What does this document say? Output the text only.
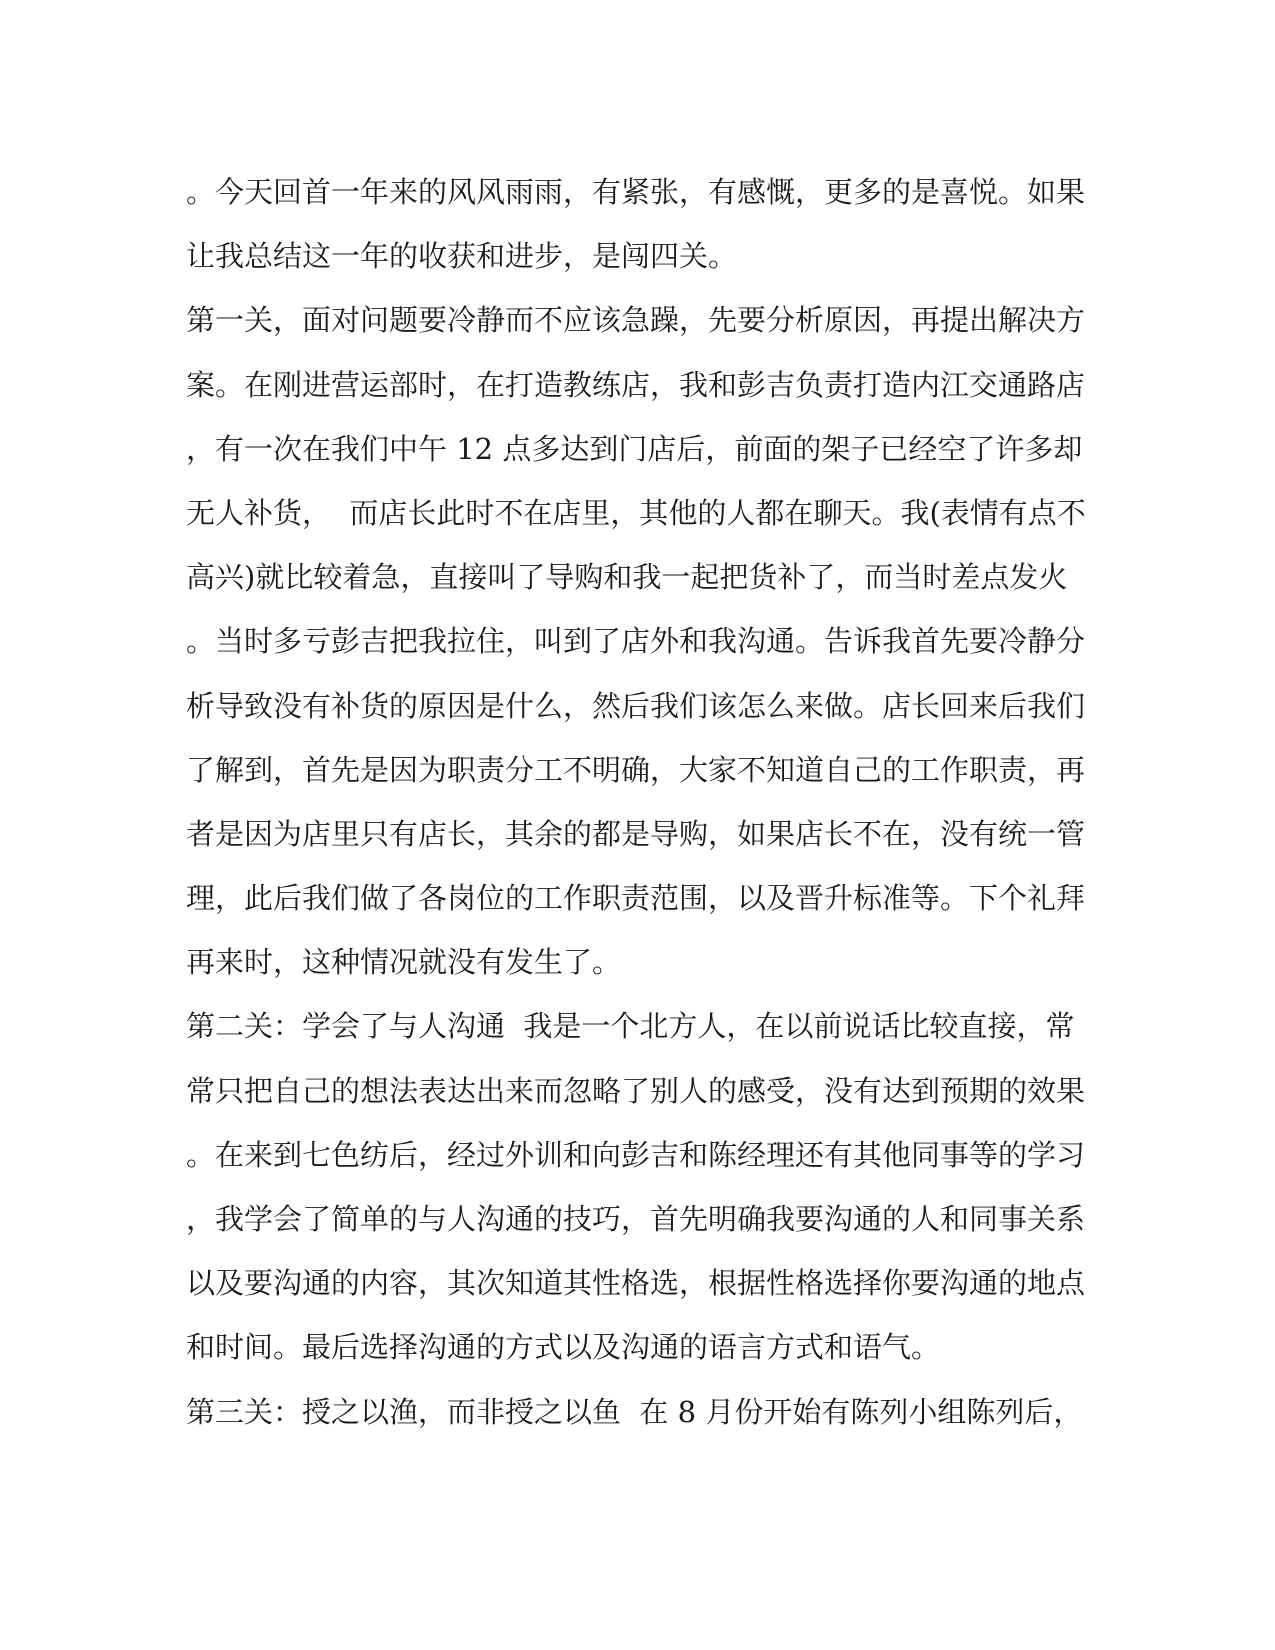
。今天回首一年来的风风雨雨，有紧张，有感慨，更多的是喜悦。如果
让我总结这一年的收获和进步，是闯四关。
第一关，面对问题要冷静而不应该急躁，先要分析原因，再提出解决方
案。在刚进营运部时，在打造教练店，我和彭吉负责打造内江交通路店
，有一次在我们中午 12 点多达到门店后，前面的架子已经空了许多却
无人补货，  而店长此时不在店里，其他的人都在聊天。我(表情有点不
高兴)就比较着急，直接叫了导购和我一起把货补了，而当时差点发火
。当时多亏彭吉把我拉住，叫到了店外和我沟通。告诉我首先要冷静分
析导致没有补货的原因是什么，然后我们该怎么来做。店长回来后我们
了解到，首先是因为职责分工不明确，大家不知道自己的工作职责，再
者是因为店里只有店长，其余的都是导购，如果店长不在，没有统一管
理，此后我们做了各岗位的工作职责范围，以及晋升标准等。下个礼拜
再来时，这种情况就没有发生了。
第二关：学会了与人沟通  我是一个北方人，在以前说话比较直接，常
常只把自己的想法表达出来而忽略了别人的感受，没有达到预期的效果
。在来到七色纺后，经过外训和向彭吉和陈经理还有其他同事等的学习
，我学会了简单的与人沟通的技巧，首先明确我要沟通的人和同事关系
以及要沟通的内容，其次知道其性格选，根据性格选择你要沟通的地点
和时间。最后选择沟通的方式以及沟通的语言方式和语气。
第三关：授之以渔，而非授之以鱼  在 8 月份开始有陈列小组陈列后，
